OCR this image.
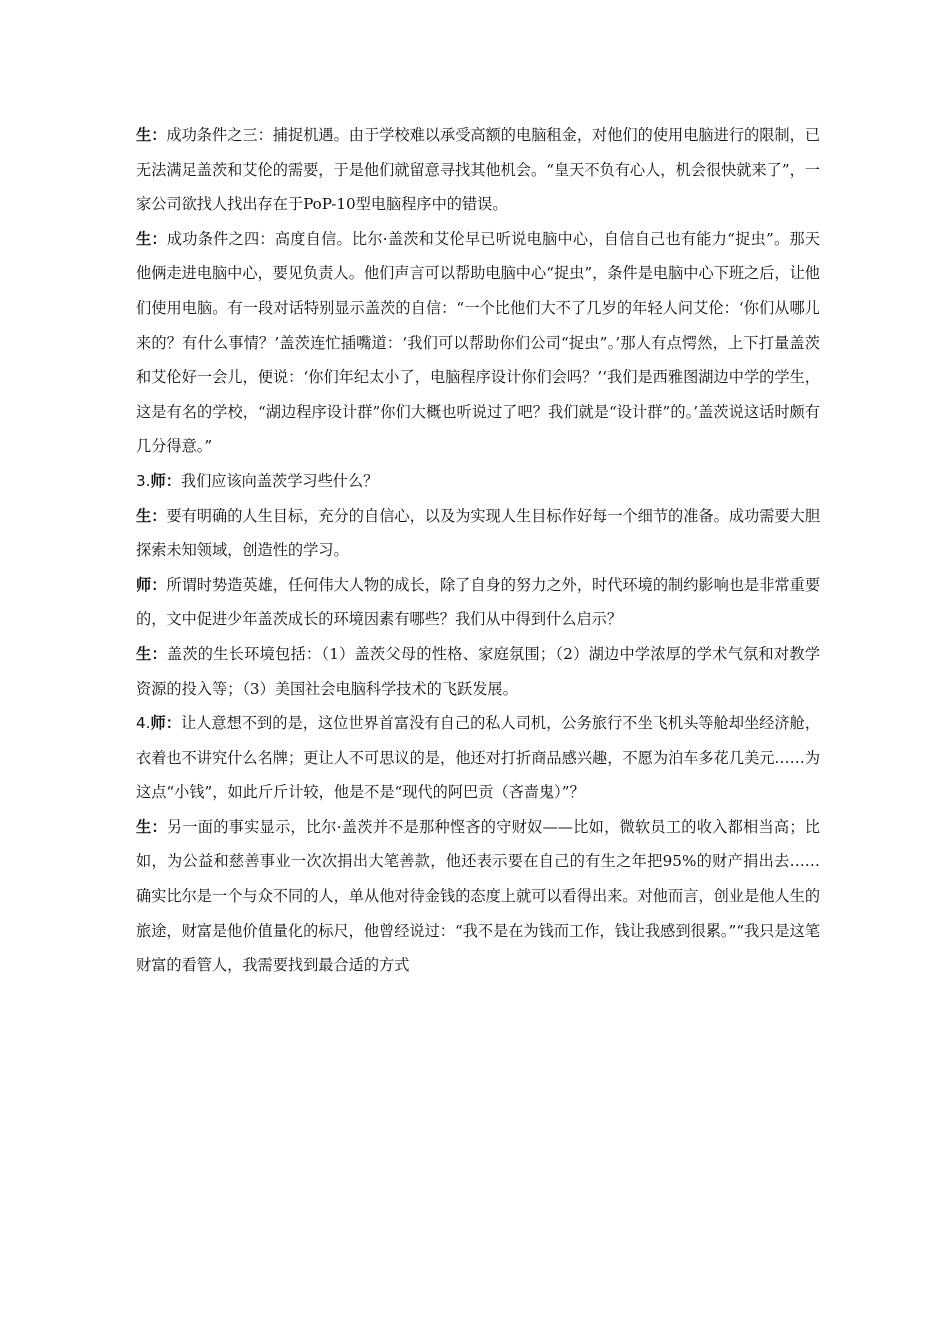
生：成功条件之三：捕捉机遇。由于学校难以承受高额的电脑租金，对他们的使用电脑进行的限制，已无法满足盖茨和艾伦的需要，于是他们就留意寻找其他机会。“皇天不负有心人，机会很快就来了”，一家公司欲找人找出存在于PoP-10型电脑程序中的错误。

生：成功条件之四：高度自信。比尔·盖茨和艾伦早已听说电脑中心，自信自己也有能力“捉虫”。那天他俩走进电脑中心，要见负责人。他们声言可以帮助电脑中心“捉虫”，条件是电脑中心下班之后，让他们使用电脑。有一段对话特别显示盖茨的自信：“一个比他们大不了几岁的年轻人问艾伦：‘你们从哪儿来的？有什么事情？’盖茨连忙插嘴道：‘我们可以帮助你们公司“捉虫”。’那人有点愕然，上下打量盖茨和艾伦好一会儿，便说：‘你们年纪太小了，电脑程序设计你们会吗？’‘我们是西雅图湖边中学的学生，这是有名的学校，“湖边程序设计群”你们大概也听说过了吧？我们就是“设计群”的。’盖茨说这话时颇有几分得意。”

3.师：我们应该向盖茨学习些什么？

生：要有明确的人生目标，充分的自信心，以及为实现人生目标作好每一个细节的准备。成功需要大胆探索未知领域，创造性的学习。

师：所谓时势造英雄，任何伟大人物的成长，除了自身的努力之外，时代环境的制约影响也是非常重要的，文中促进少年盖茨成长的环境因素有哪些？我们从中得到什么启示？

生：盖茨的生长环境包括：（1）盖茨父母的性格、家庭氛围；（2）湖边中学浓厚的学术气氛和对教学资源的投入等；（3）美国社会电脑科学技术的飞跃发展。

4.师：让人意想不到的是，这位世界首富没有自己的私人司机，公务旅行不坐飞机头等舱却坐经济舱，衣着也不讲究什么名牌；更让人不可思议的是，他还对打折商品感兴趣，不愿为泊车多花几美元……为这点“小钱”，如此斤斤计较，他是不是“现代的阿巴贡（吝啬鬼）”？

生：另一面的事实显示，比尔·盖茨并不是那种悭吝的守财奴——比如，微软员工的收入都相当高；比如，为公益和慈善事业一次次捐出大笔善款，他还表示要在自己的有生之年把95%的财产捐出去……确实比尔是一个与众不同的人，单从他对待金钱的态度上就可以看得出来。对他而言，创业是他人生的旅途，财富是他价值量化的标尺，他曾经说过：“我不是在为钱而工作，钱让我感到很累。”“我只是这笔财富的看管人，我需要找到最合适的方式
